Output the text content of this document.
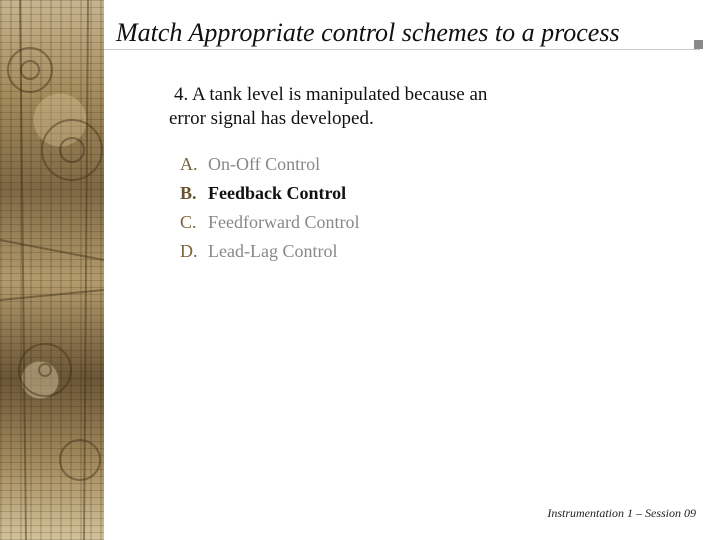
Match Appropriate control schemes to a process
4. A tank level is manipulated because an
error signal has developed.
A. On-Off Control
B. Feedback Control
C. Feedforward Control
D. Lead-Lag Control
Instrumentation 1 – Session 09
